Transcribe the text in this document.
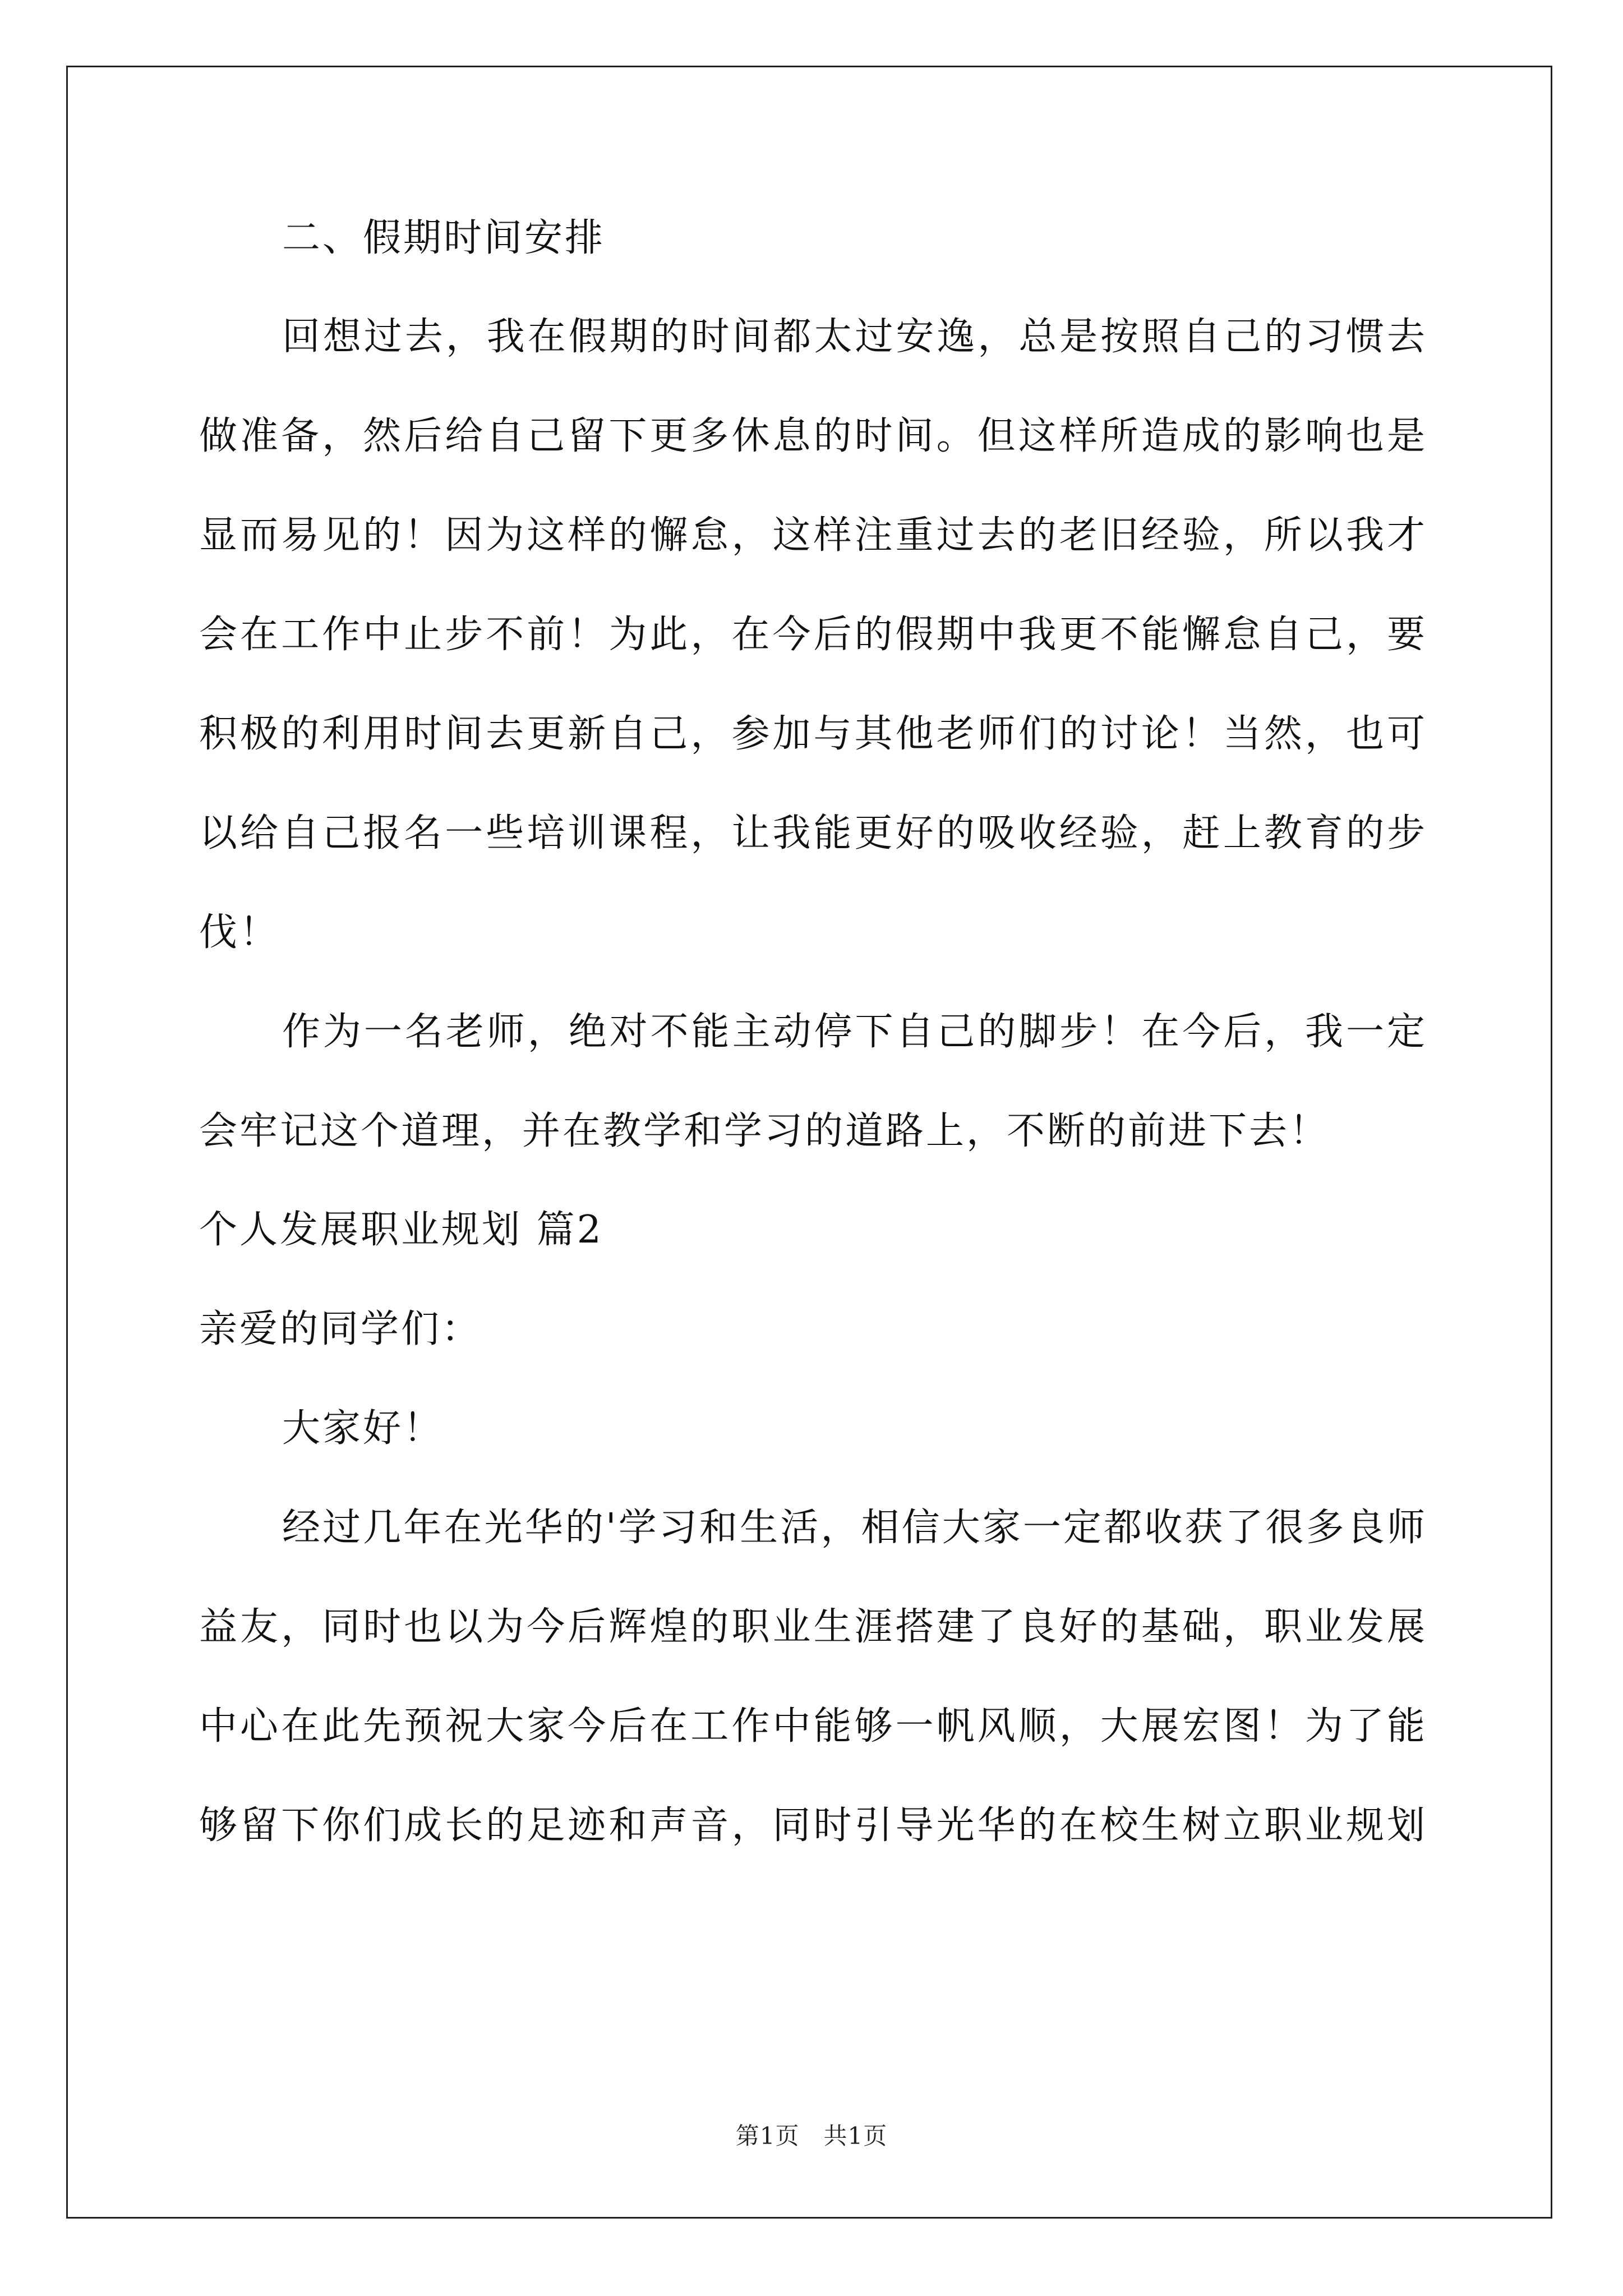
二、假期时间安排
回想过去，我在假期的时间都太过安逸，总是按照自己的习惯去
做准备，然后给自己留下更多休息的时间。但这样所造成的影响也是
显而易见的！因为这样的懈怠，这样注重过去的老旧经验，所以我才
会在工作中止步不前！为此，在今后的假期中我更不能懈怠自己，要
积极的利用时间去更新自己，参加与其他老师们的讨论！当然，也可
以给自己报名一些培训课程，让我能更好的吸收经验，赶上教育的步
伐！
作为一名老师，绝对不能主动停下自己的脚步！在今后，我一定
会牢记这个道理，并在教学和学习的道路上，不断的前进下去！
个人发展职业规划 篇2
亲爱的同学们：
大家好！
经过几年在光华的'学习和生活，相信大家一定都收获了很多良师
益友，同时也以为今后辉煌的职业生涯搭建了良好的基础，职业发展
中心在此先预祝大家今后在工作中能够一帆风顺，大展宏图！为了能
够留下你们成长的足迹和声音，同时引导光华的在校生树立职业规划
第1页　共1页
